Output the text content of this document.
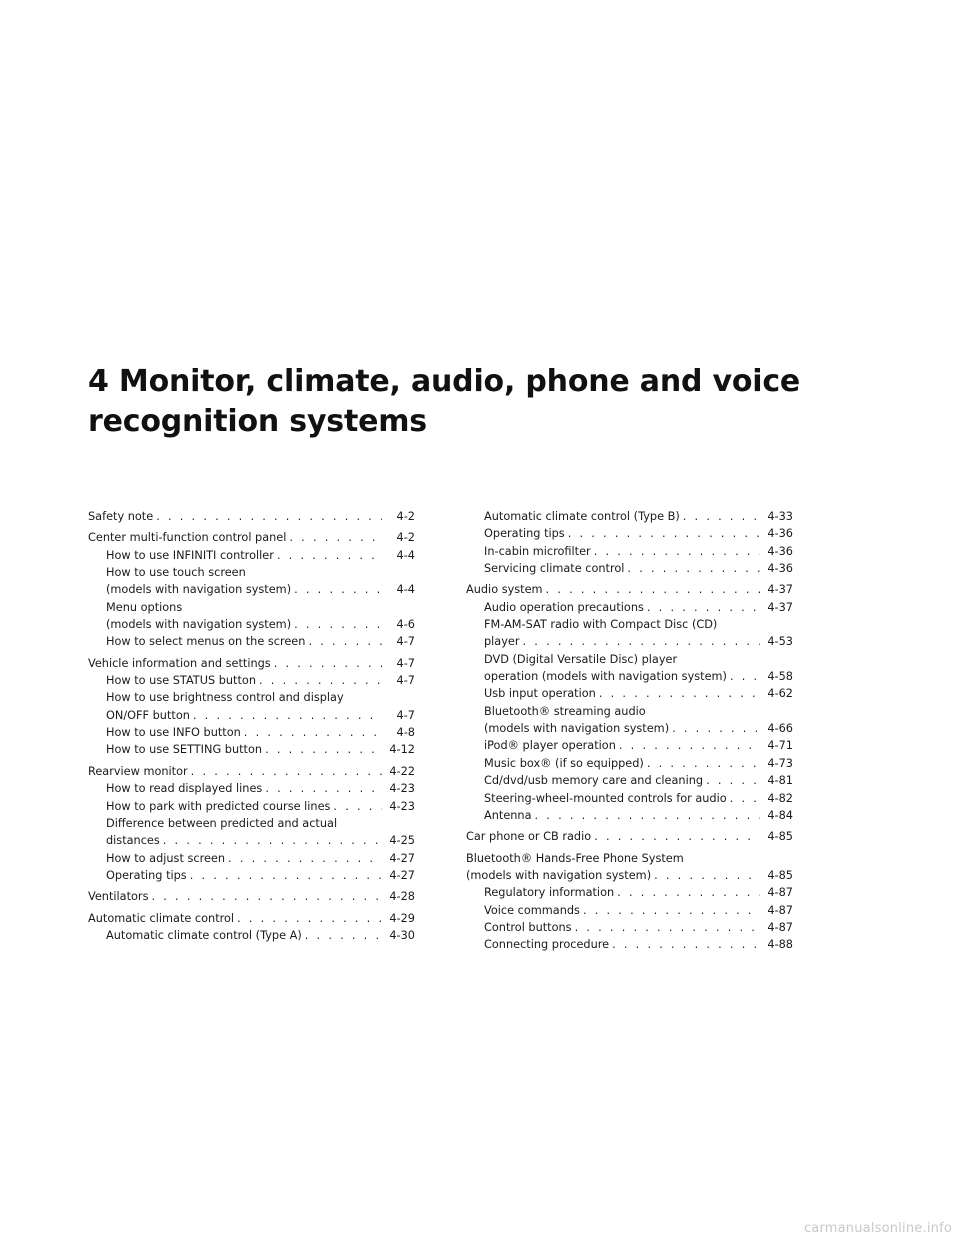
4 Monitor, climate, audio, phone and voice
recognition systems
Safety note . . .	4-2
Center multi-function control panel . . .	4-2
How to use INFINITI controller . . .	4-4
How to use touch screen
(models with navigation system) . . .	4-4
Menu options
(models with navigation system) . . .	4-6
How to select menus on the screen . . .	4-7
Vehicle information and settings . . .	4-7
How to use STATUS button . . .	4-7
How to use brightness control and display
ON/OFF button . . .	4-7
How to use INFO button . . .	4-8
How to use SETTING button . . .	4-12
Rearview monitor . . .	4-22
How to read displayed lines . . .	4-23
How to park with predicted course lines . . .	4-23
Difference between predicted and actual
distances . . .	4-25
How to adjust screen . . .	4-27
Operating tips . . .	4-27
Ventilators . . .	4-28
Automatic climate control . . .	4-29
Automatic climate control (Type A) . . .	4-30
Automatic climate control (Type B) . . .	4-33
Operating tips . . .	4-36
In-cabin microfilter . . .	4-36
Servicing climate control . . .	4-36
Audio system . . .	4-37
Audio operation precautions . . .	4-37
FM-AM-SAT radio with Compact Disc (CD)
player . . .	4-53
DVD (Digital Versatile Disc) player
operation (models with navigation system) . . .	4-58
Usb input operation . . .	4-62
Bluetooth® streaming audio
(models with navigation system) . . .	4-66
iPod® player operation . . .	4-71
Music box® (if so equipped) . . .	4-73
Cd/dvd/usb memory care and cleaning . . .	4-81
Steering-wheel-mounted controls for audio . . .	4-82
Antenna . . .	4-84
Car phone or CB radio . . .	4-85
Bluetooth® Hands-Free Phone System
(models with navigation system) . . .	4-85
Regulatory information . . .	4-87
Voice commands . . .	4-87
Control buttons . . .	4-87
Connecting procedure . . .	4-88
carmanualsonline.info
